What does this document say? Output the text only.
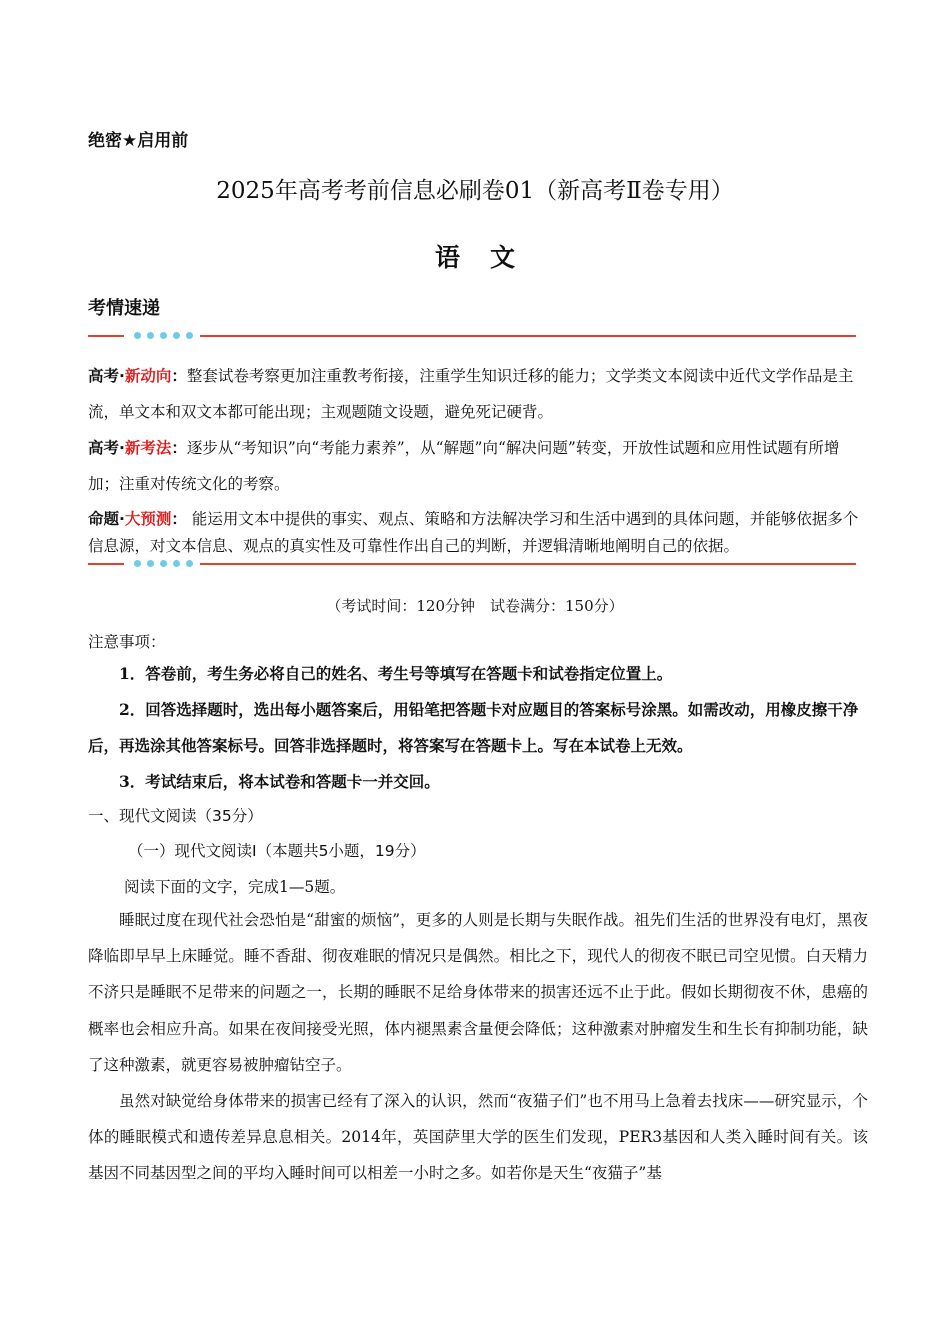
绝密★启用前
2025年高考考前信息必刷卷01（新高考Ⅱ卷专用）
语文
考情速递
高考·新动向：整套试卷考察更加注重教考衔接，注重学生知识迁移的能力；文学类文本阅读中近代文学作品是主流，单文本和双文本都可能出现；主观题随文设题，避免死记硬背。
高考·新考法：逐步从“考知识”向“考能力素养”，从“解题”向“解决问题”转变，开放性试题和应用性试题有所增加；注重对传统文化的考察。
命题·大预测： 能运用文本中提供的事实、观点、策略和方法解决学习和生活中遇到的具体问题，并能够依据多个信息源，对文本信息、观点的真实性及可靠性作出自己的判断，并逻辑清晰地阐明自己的依据。
（考试时间：120分钟　试卷满分：150分）
注意事项：
1．答卷前，考生务必将自己的姓名、考生号等填写在答题卡和试卷指定位置上。
2．回答选择题时，选出每小题答案后，用铅笔把答题卡对应题目的答案标号涂黑。如需改动，用橡皮擦干净后，再选涂其他答案标号。回答非选择题时，将答案写在答题卡上。写在本试卷上无效。
3．考试结束后，将本试卷和答题卡一并交回。
一、现代文阅读（35分）
（一）现代文阅读Ⅰ（本题共5小题，19分）
阅读下面的文字，完成1—5题。

睡眠过度在现代社会恐怕是“甜蜜的烦恼”，更多的人则是长期与失眠作战。祖先们生活的世界没有电灯，黑夜降临即早早上床睡觉。睡不香甜、彻夜难眠的情况只是偶然。相比之下，现代人的彻夜不眠已司空见惯。白天精力不济只是睡眠不足带来的问题之一，长期的睡眠不足给身体带来的损害还远不止于此。假如长期彻夜不休，患癌的概率也会相应升高。如果在夜间接受光照，体内褪黑素含量便会降低；这种激素对肿瘤发生和生长有抑制功能，缺了这种激素，就更容易被肿瘤钻空子。

虽然对缺觉给身体带来的损害已经有了深入的认识，然而“夜猫子们”也不用马上急着去找床——研究显示，个体的睡眠模式和遗传差异息息相关。2014年，英国萨里大学的医生们发现，PER3基因和人类入睡时间有关。该基因不同基因型之间的平均入睡时间可以相差一小时之多。如若你是天生“夜猫子”基
